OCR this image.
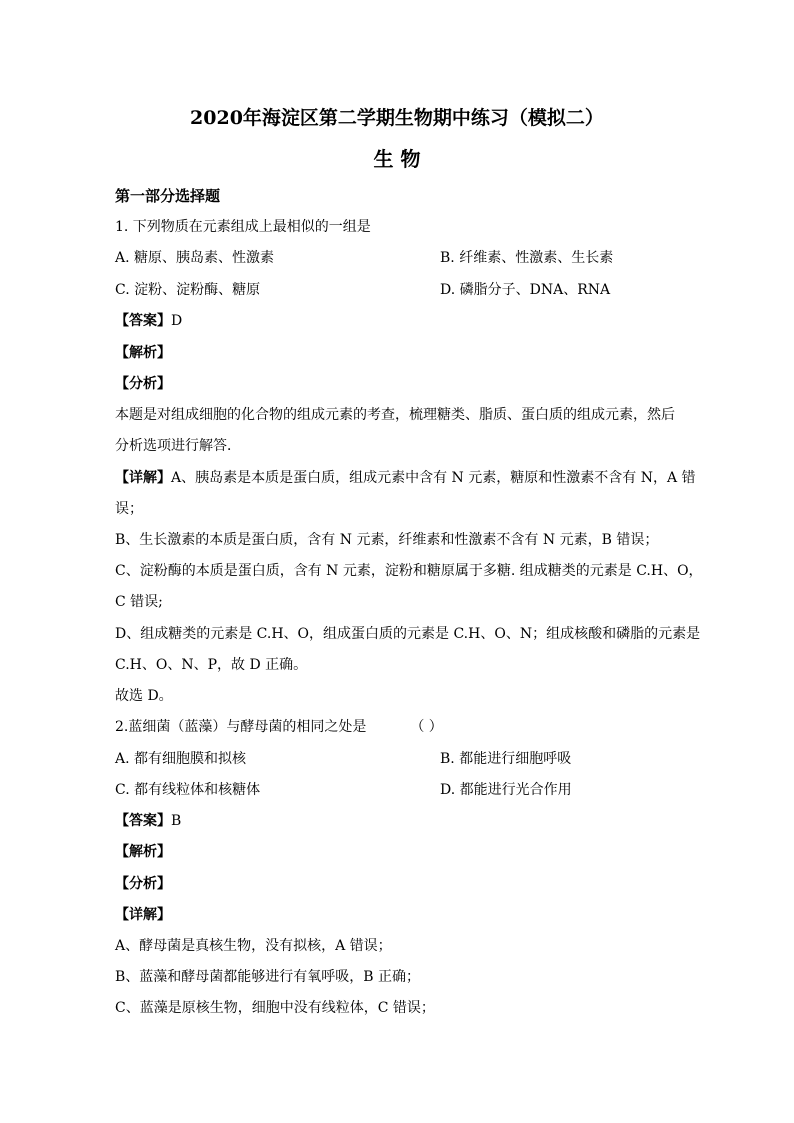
2020年海淀区第二学期生物期中练习（模拟二）
生 物
第一部分选择题
1. 下列物质在元素组成上最相似的一组是
A. 糖原、胰岛素、性激素	B. 纤维素、性激素、生长素
C. 淀粉、淀粉酶、糖原	D. 磷脂分子、DNA、RNA
【答案】D
【解析】
【分析】
本题是对组成细胞的化合物的组成元素的考查，梳理糖类、脂质、蛋白质的组成元素，然后
分析选项进行解答．
【详解】A、胰岛素是本质是蛋白质，组成元素中含有 N 元素，糖原和性激素不含有 N，A 错
误；
B、生长激素的本质是蛋白质，含有 N 元素，纤维素和性激素不含有 N 元素，B 错误；
C、淀粉酶的本质是蛋白质，含有 N 元素，淀粉和糖原属于多糖. 组成糖类的元素是 C.H、O，
C 错误;
D、组成糖类的元素是 C.H、O，组成蛋白质的元素是 C.H、O、N；组成核酸和磷脂的元素是
C.H、O、N、P，故 D 正确。
故选 D。
2.蓝细菌（蓝藻）与酵母菌的相同之处是	（ ）
A. 都有细胞膜和拟核	B. 都能进行细胞呼吸
C. 都有线粒体和核糖体	D. 都能进行光合作用
【答案】B
【解析】
【分析】
【详解】
A、酵母菌是真核生物，没有拟核，A 错误；
B、蓝藻和酵母菌都能够进行有氧呼吸，B 正确；
C、蓝藻是原核生物，细胞中没有线粒体，C 错误；
